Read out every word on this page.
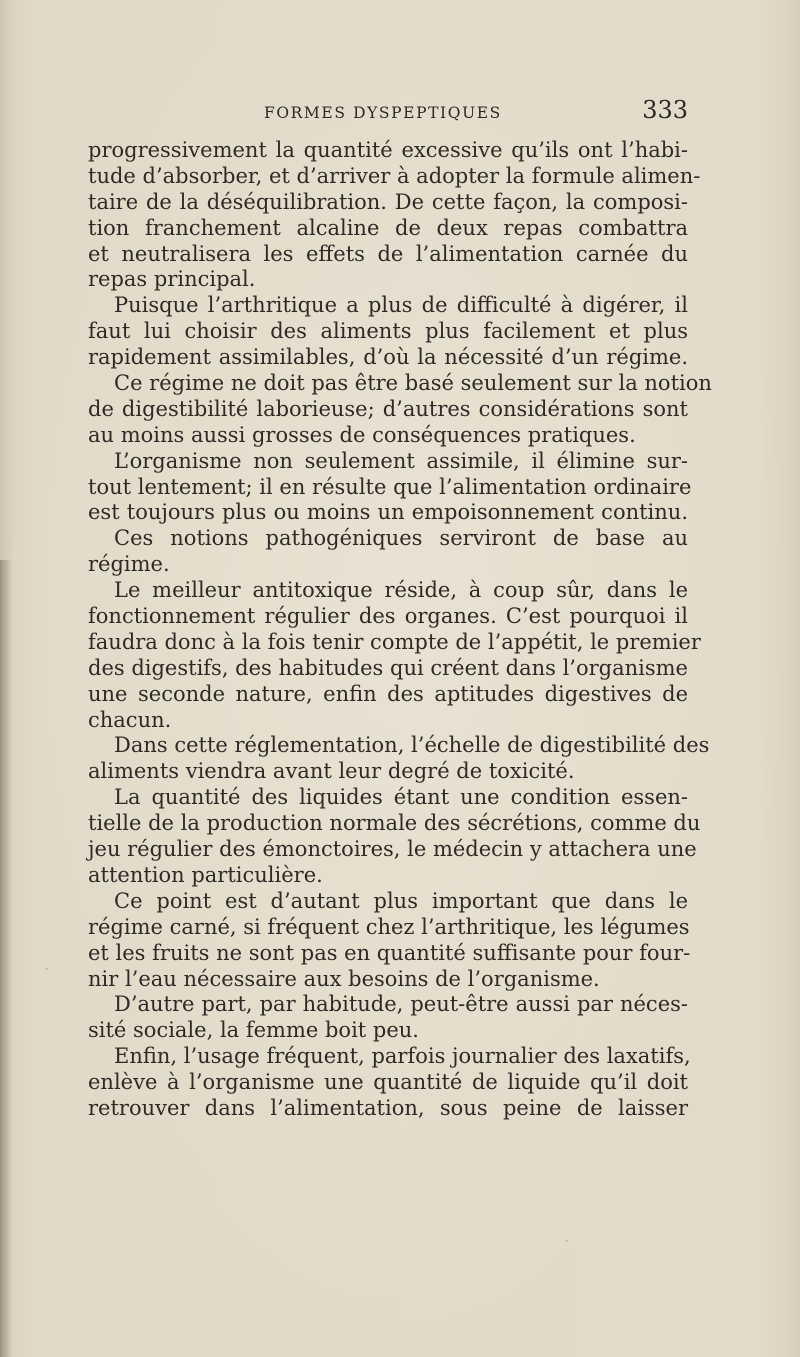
FORMES DYSPEPTIQUES	333
progressivement la quantité excessive qu’ils ont l’habi-
tude d’absorber, et d’arriver à adopter la formule alimen-
taire de la déséquilibration. De cette façon, la composi-
tion franchement alcaline de deux repas combattra
et neutralisera les effets de l’alimentation carnée du
repas principal.
Puisque l’arthritique a plus de difficulté à digérer, il
faut lui choisir des aliments plus facilement et plus
rapidement assimilables, d’où la nécessité d’un régime.
Ce régime ne doit pas être basé seulement sur la notion
de digestibilité laborieuse; d’autres considérations sont
au moins aussi grosses de conséquences pratiques.
L’organisme non seulement assimile, il élimine sur-
tout lentement; il en résulte que l’alimentation ordinaire
est toujours plus ou moins un empoisonnement continu.
Ces notions pathogéniques serviront de base au
régime.
Le meilleur antitoxique réside, à coup sûr, dans le
fonctionnement régulier des organes. C’est pourquoi il
faudra donc à la fois tenir compte de l’appétit, le premier
des digestifs, des habitudes qui créent dans l’organisme
une seconde nature, enfin des aptitudes digestives de
chacun.
Dans cette réglementation, l’échelle de digestibilité des
aliments viendra avant leur degré de toxicité.
La quantité des liquides étant une condition essen-
tielle de la production normale des sécrétions, comme du
jeu régulier des émonctoires, le médecin y attachera une
attention particulière.
Ce point est d’autant plus important que dans le
régime carné, si fréquent chez l’arthritique, les légumes
et les fruits ne sont pas en quantité suffisante pour four-
nir l’eau nécessaire aux besoins de l’organisme.
D’autre part, par habitude, peut-être aussi par néces-
sité sociale, la femme boit peu.
Enfin, l’usage fréquent, parfois journalier des laxatifs,
enlève à l’organisme une quantité de liquide qu’il doit
retrouver dans l’alimentation, sous peine de laisser
